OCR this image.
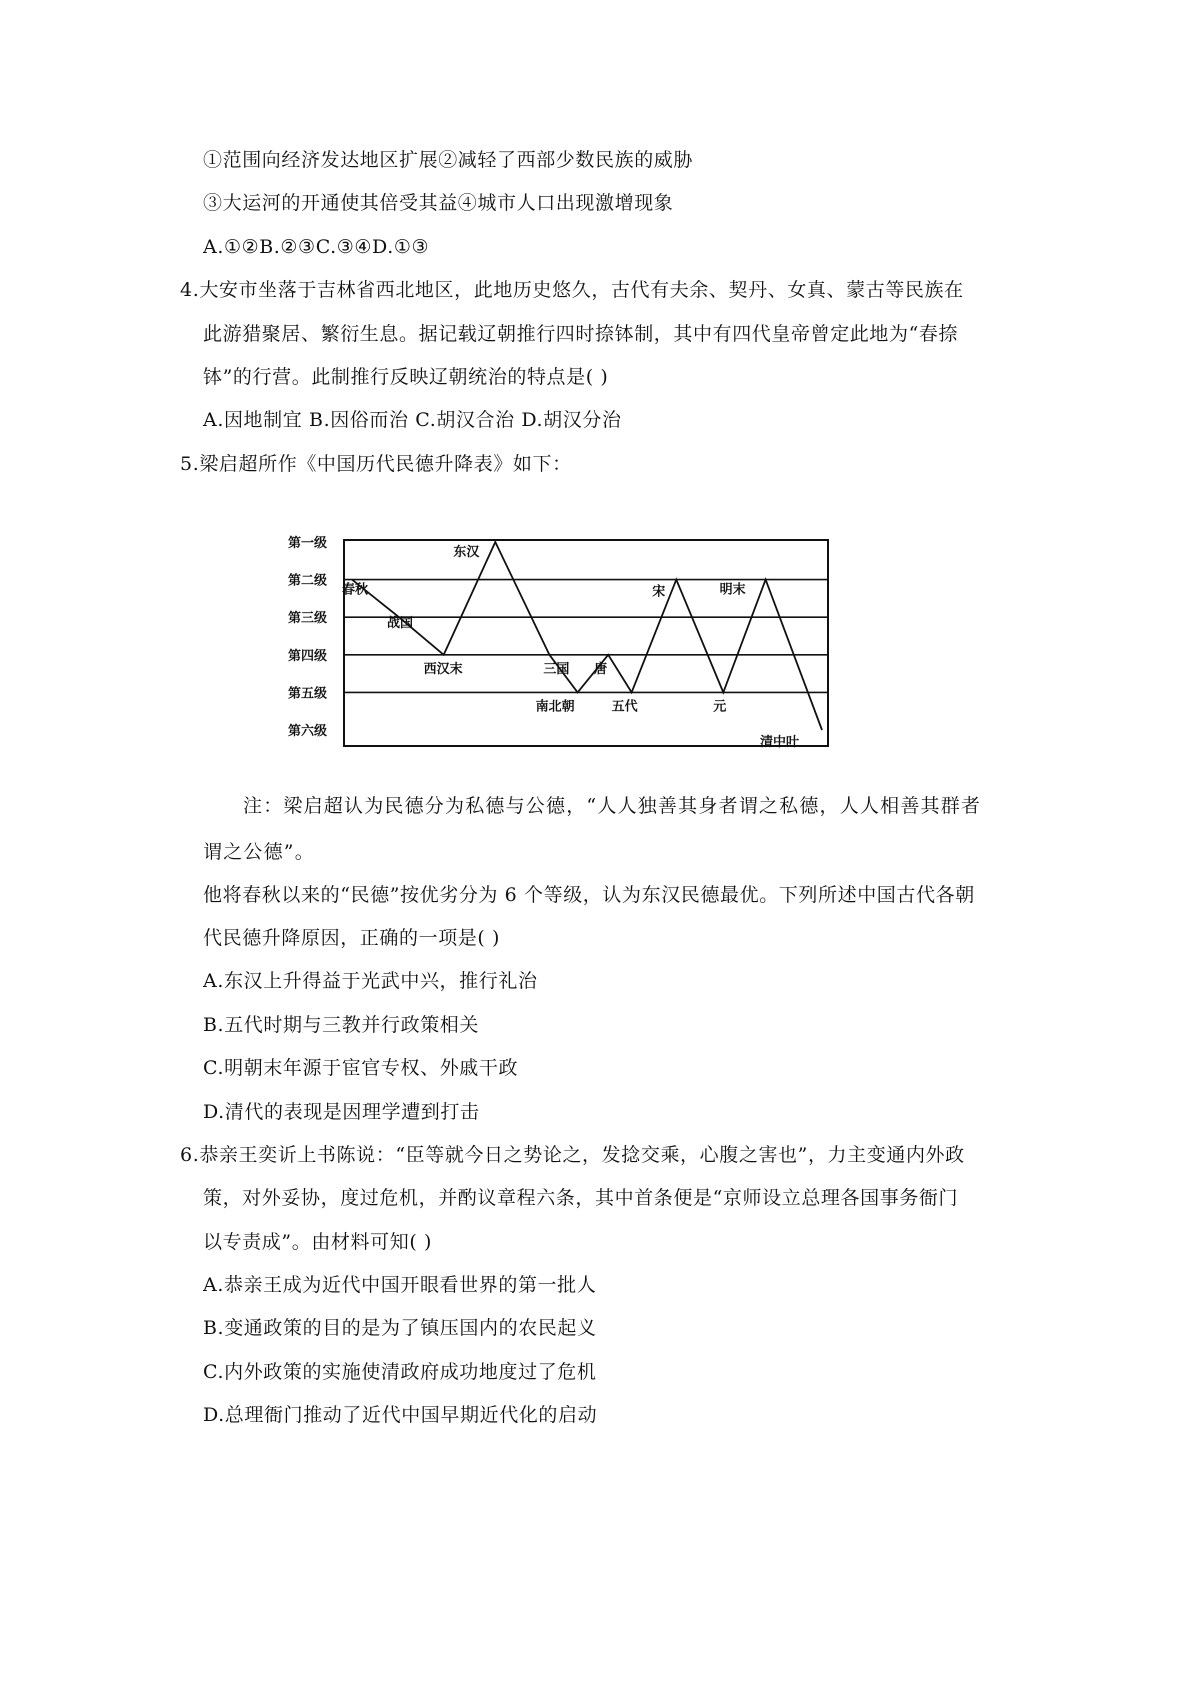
①范围向经济发达地区扩展②减轻了西部少数民族的威胁
③大运河的开通使其倍受其益④城市人口出现激增现象
A.①②B.②③C.③④D.①③
4.大安市坐落于吉林省西北地区，此地历史悠久，古代有夫余、契丹、女真、蒙古等民族在
此游猎聚居、繁衍生息。据记载辽朝推行四时捺钵制，其中有四代皇帝曾定此地为“春捺
钵”的行营。此制推行反映辽朝统治的特点是( )
A.因地制宜 B.因俗而治 C.胡汉合治 D.胡汉分治
5.梁启超所作《中国历代民德升降表》如下：
第一级
第二级
第三级
第四级
第五级
第六级
春秋
战国
西汉末
东汉
三国
南北朝
唐
五代
宋
元
明末
清中叶
注：梁启超认为民德分为私德与公德，“人人独善其身者谓之私德，人人相善其群者
谓之公德”。
他将春秋以来的“民德”按优劣分为 6 个等级，认为东汉民德最优。下列所述中国古代各朝
代民德升降原因，正确的一项是( )
A.东汉上升得益于光武中兴，推行礼治
B.五代时期与三教并行政策相关
C.明朝末年源于宦官专权、外戚干政
D.清代的表现是因理学遭到打击
6.恭亲王奕䜣上书陈说：“臣等就今日之势论之，发捻交乘，心腹之害也”，力主变通内外政
策，对外妥协，度过危机，并酌议章程六条，其中首条便是“京师设立总理各国事务衙门
以专责成”。由材料可知( )
A.恭亲王成为近代中国开眼看世界的第一批人
B.变通政策的目的是为了镇压国内的农民起义
C.内外政策的实施使清政府成功地度过了危机
D.总理衙门推动了近代中国早期近代化的启动
